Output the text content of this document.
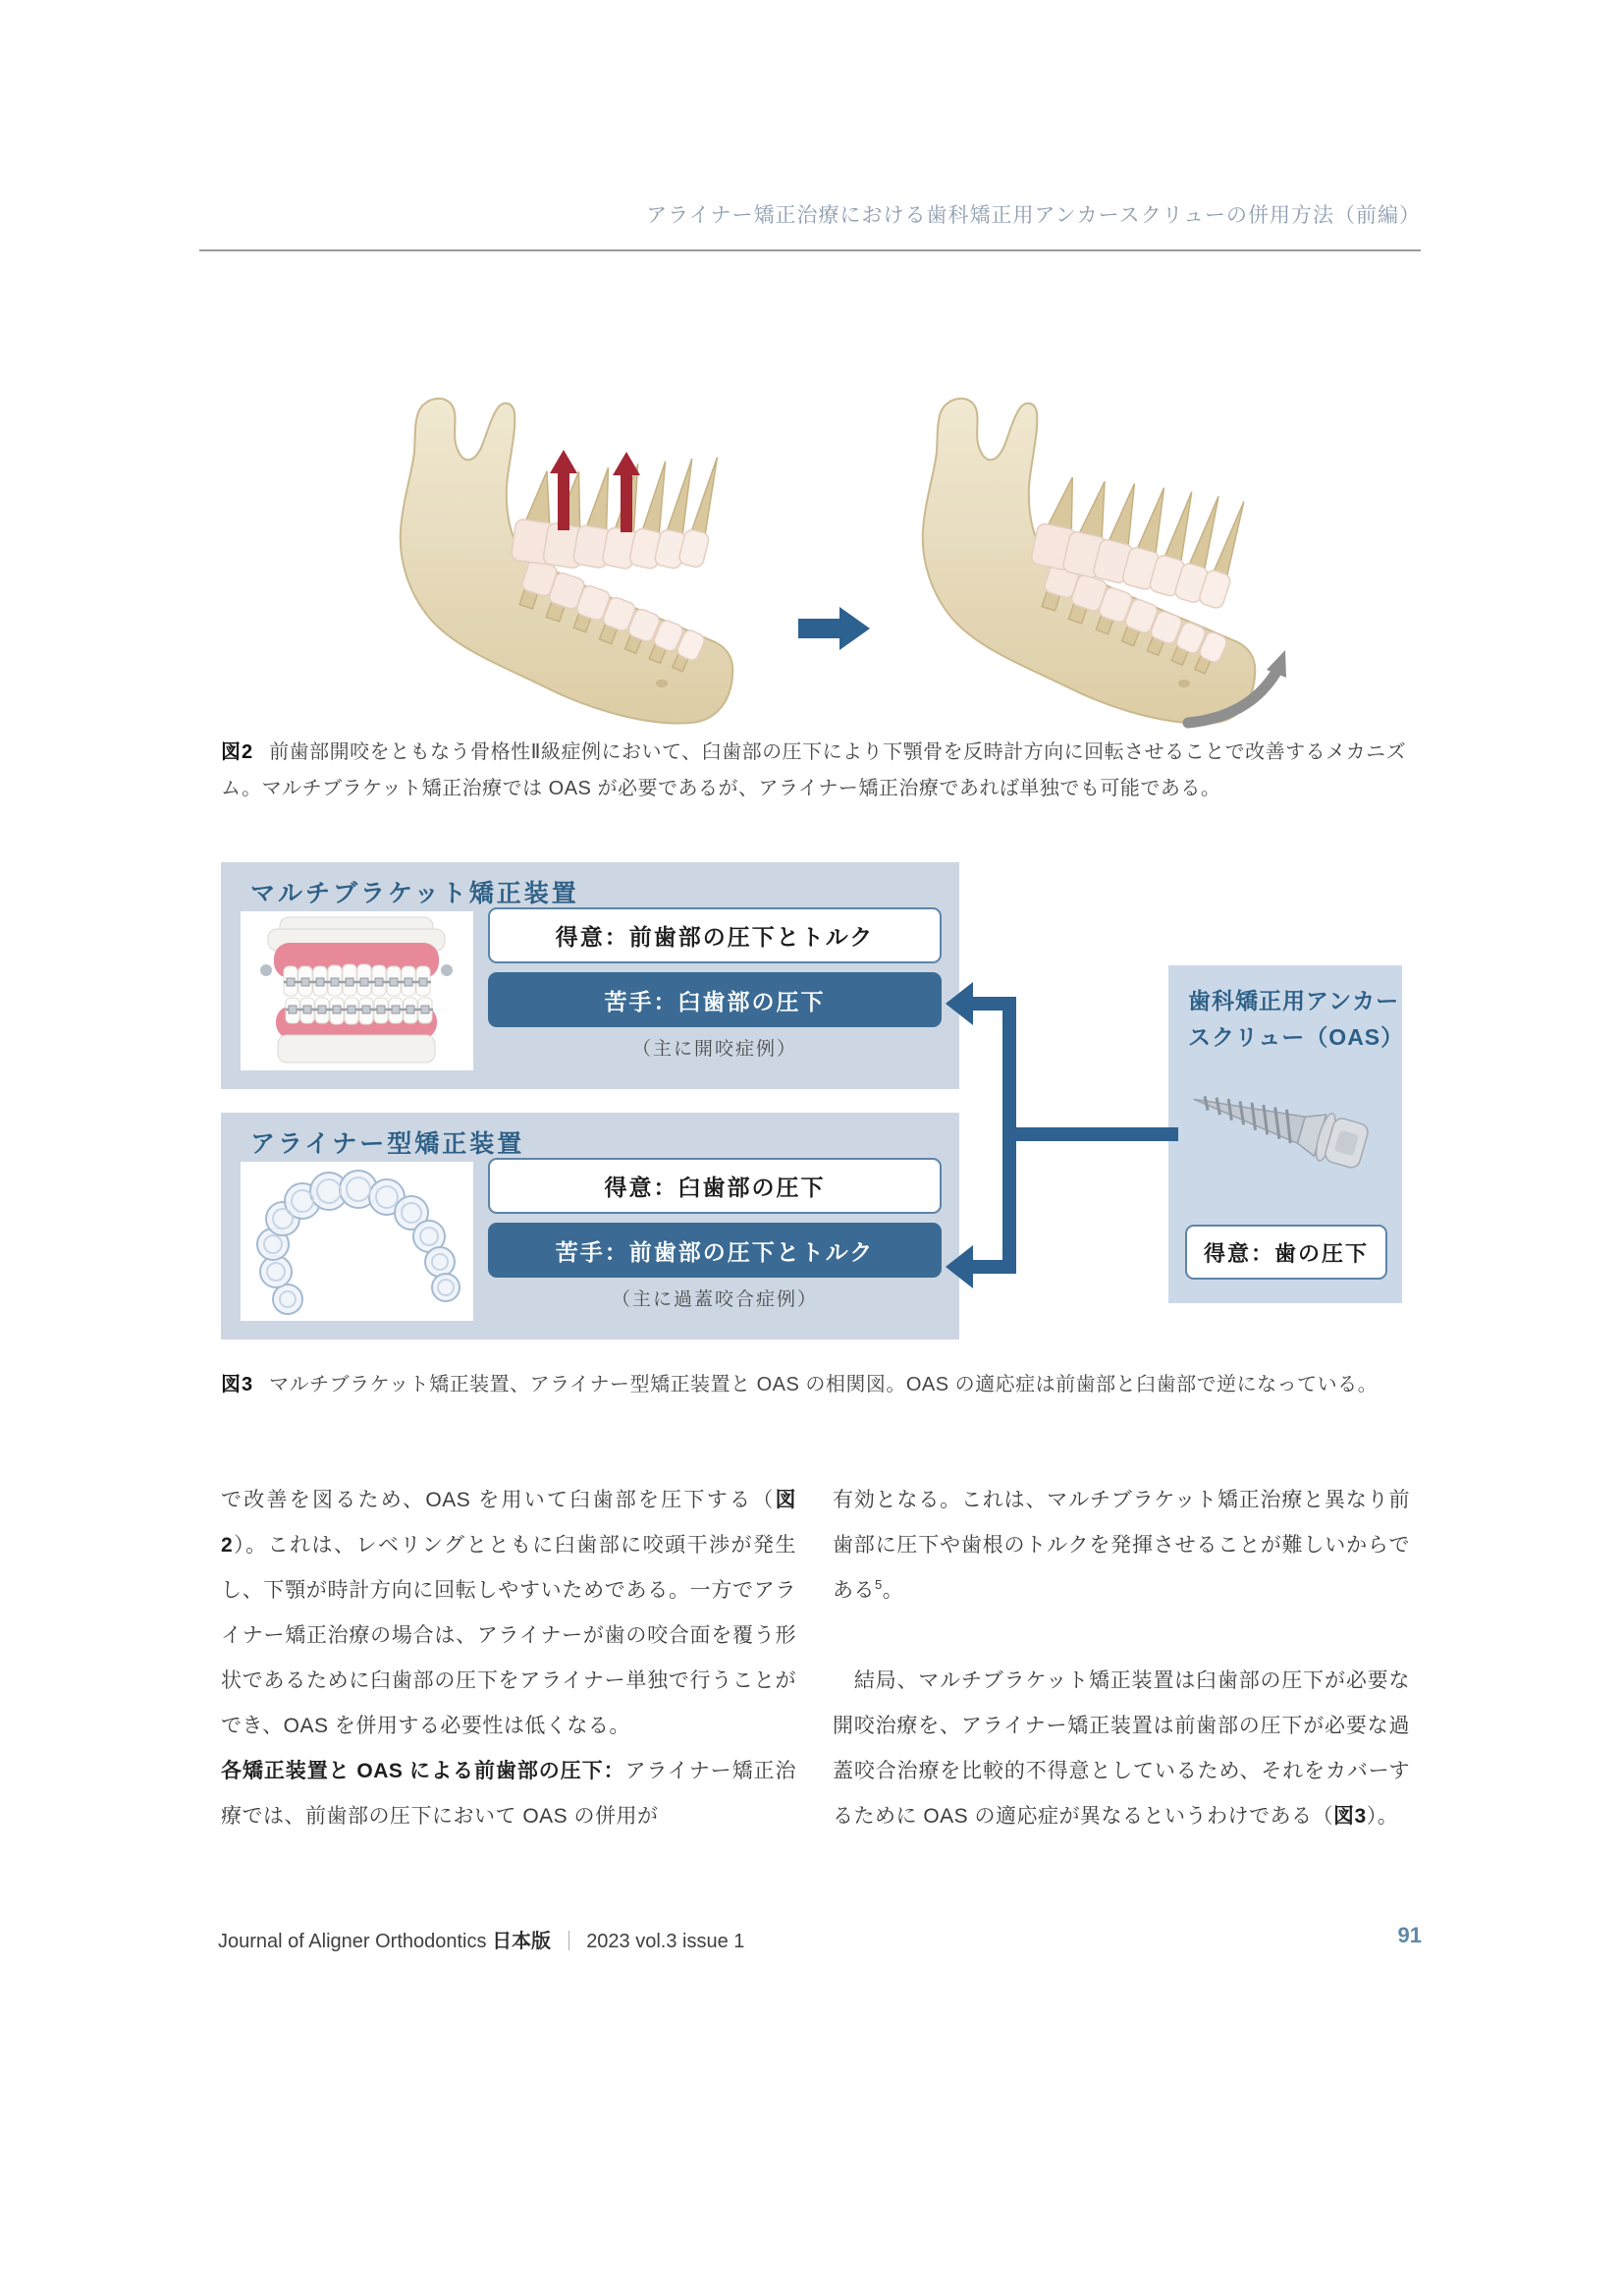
アライナー矯正治療における歯科矯正用アンカースクリューの併用方法（前編）
図2 前歯部開咬をともなう骨格性Ⅱ級症例において、臼歯部の圧下により下顎骨を反時計方向に回転させることで改善するメカニズム。マルチブラケット矯正治療では OAS が必要であるが、アライナー矯正治療であれば単独でも可能である。
マルチブラケット矯正装置
得意：前歯部の圧下とトルク
苦手：臼歯部の圧下
（主に開咬症例）
アライナー型矯正装置
得意：臼歯部の圧下
苦手：前歯部の圧下とトルク
（主に過蓋咬合症例）
歯科矯正用アンカー
スクリュー（OAS）
得意：歯の圧下
図3 マルチブラケット矯正装置、アライナー型矯正装置と OAS の相関図。OAS の適応症は前歯部と臼歯部で逆になっている。

で改善を図るため、OAS を用いて臼歯部を圧下する（図2）。これは、レベリングとともに臼歯部に咬頭干渉が発生し、下顎が時計方向に回転しやすいためである。一方でアライナー矯正治療の場合は、アライナーが歯の咬合面を覆う形状であるために臼歯部の圧下をアライナー単独で行うことができ、OAS を併用する必要性は低くなる。

各矯正装置と OAS による前歯部の圧下：アライナー矯正治療では、前歯部の圧下において OAS の併用が

有効となる。これは、マルチブラケット矯正治療と異なり前歯部に圧下や歯根のトルクを発揮させることが難しいからである$^5$。

　結局、マルチブラケット矯正装置は臼歯部の圧下が必要な開咬治療を、アライナー矯正装置は前歯部の圧下が必要な過蓋咬合治療を比較的不得意としているため、それをカバーするために OAS の適応症が異なるというわけである（図3）。

Journal of Aligner Orthodontics 日本版 2023 vol.3 issue 1	91
